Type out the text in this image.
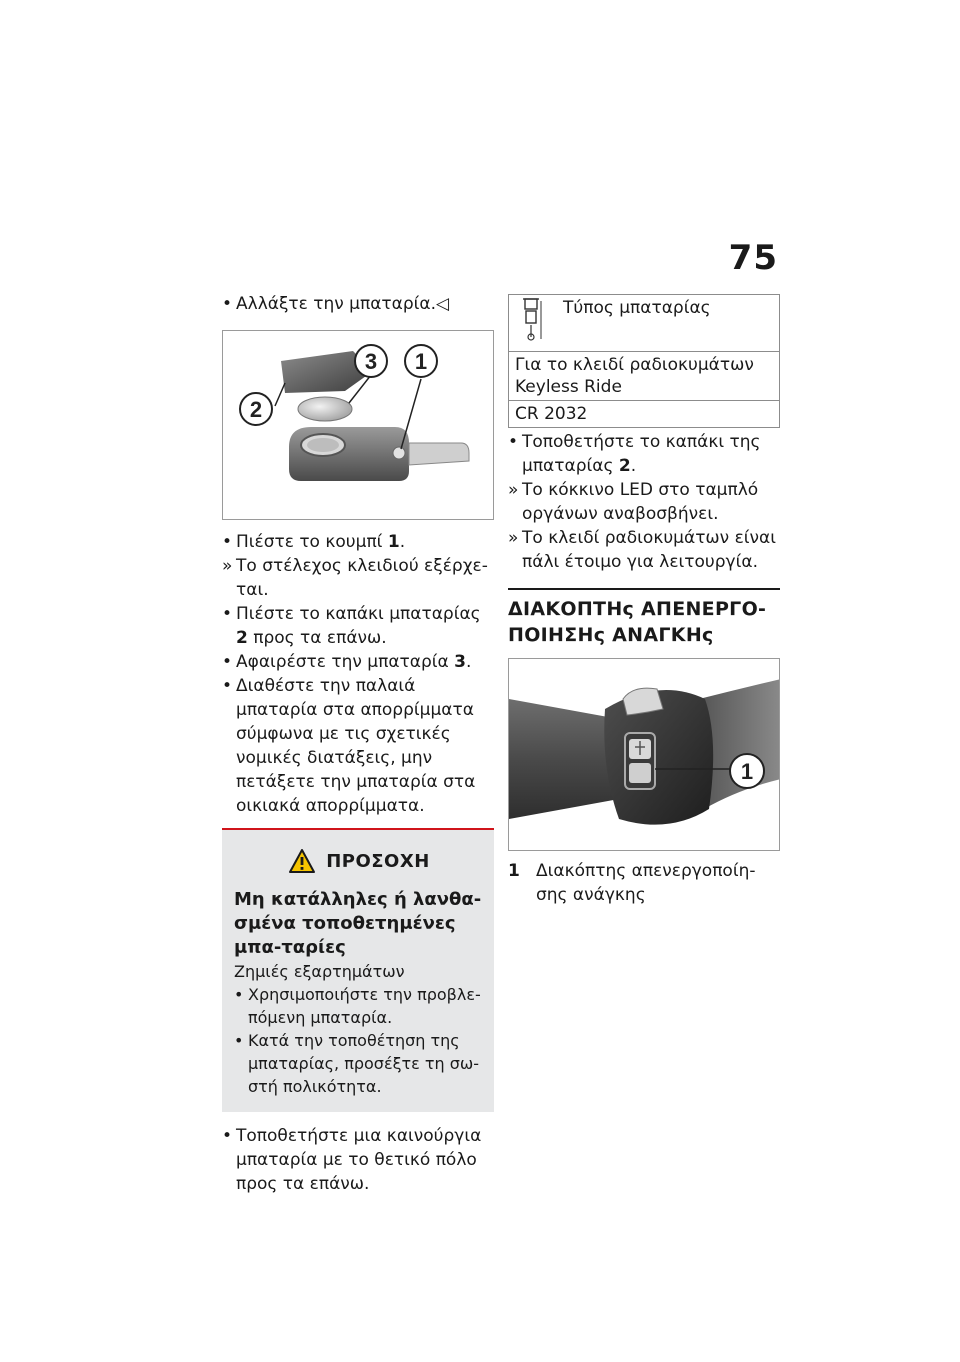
75
• Αλλάξτε την μπαταρία.◁
2
3 1
• Πιέστε το κουμπί 1.
» Το στέλεχος κλειδιού εξέρχε-ται.
• Πιέστε το καπάκι μπαταρίας 2 προς τα επάνω.
• Αφαιρέστε την μπαταρία 3.
• Διαθέστε την παλαιά μπαταρία στα απορρίμματα σύμφωνα με τις σχετικές νομικές διατάξεις, μην πετάξετε την μπαταρία στα οικιακά απορρίμματα.
ΠΡΟΣΟΧΗ

Μη κατάλληλες ή λανθα-σμένα τοποθετημένες μπα-ταρίες

Ζημιές εξαρτημάτων

• Χρησιμοποιήστε την προβλε-πόμενη μπαταρία.
• Κατά την τοποθέτηση της μπαταρίας, προσέξτε τη σω-στή πολικότητα.
• Τοποθετήστε μια καινούργια μπαταρία με το θετικό πόλο προς τα επάνω.
Τύπος μπαταρίας

Για το κλειδί ραδιοκυμάτων Keyless Ride
CR 2032
• Τοποθετήστε το καπάκι της μπαταρίας 2.
» Το κόκκινο LED στο ταμπλό οργάνων αναβοσβήνει.
» Το κλειδί ραδιοκυμάτων είναι πάλι έτοιμο για λειτουργία.
ΔΙΑΚΟΠΤΗς ΑΠΕΝΕΡΓΟ-ΠΟΙΗΣΗς ΑΝΑΓΚΗς
1
1 Διακόπτης απενεργοποίη-σης ανάγκης
